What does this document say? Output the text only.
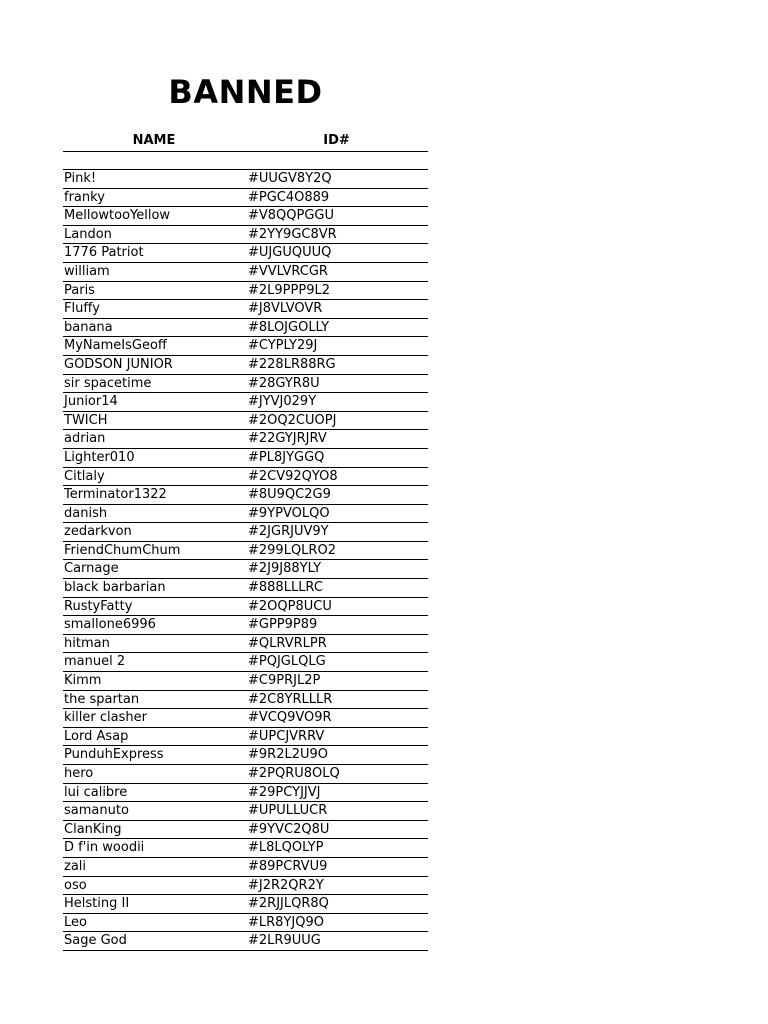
BANNED
NAME	ID#
Pink!	#UUGV8Y2Q
franky	#PGC4O889
MellowtooYellow	#V8QQPGGU
Landon	#2YY9GC8VR
1776 Patriot	#UJGUQUUQ
william	#VVLVRCGR
Paris	#2L9PPP9L2
Fluffy	#J8VLVOVR
banana	#8LOJGOLLY
MyNameIsGeoff	#CYPLY29J
GODSON JUNIOR	#228LR88RG
sir spacetime	#28GYR8U
Junior14	#JYVJ029Y
TWICH	#2OQ2CUOPJ
adrian	#22GYJRJRV
Lighter010	#PL8JYGGQ
Citlaly	#2CV92QYO8
Terminator1322	#8U9QC2G9
danish	#9YPVOLQO
zedarkvon	#2JGRJUV9Y
FriendChumChum	#299LQLRO2
Carnage	#2J9J88YLY
black barbarian	#888LLLRC
RustyFatty	#2OQP8UCU
smallone6996	#GPP9P89
hitman	#QLRVRLPR
manuel 2	#PQJGLQLG
Kimm	#C9PRJL2P
the spartan	#2C8YRLLLR
killer clasher	#VCQ9VO9R
Lord Asap	#UPCJVRRV
PunduhExpress	#9R2L2U9O
hero	#2PQRU8OLQ
lui calibre	#29PCYJJVJ
samanuto	#UPULLUCR
ClanKing	#9YVC2Q8U
D f'in woodii	#L8LQOLYP
zali	#89PCRVU9
oso	#J2R2QR2Y
Helsting II	#2RJJLQR8Q
Leo	#LR8YJQ9O
Sage God	#2LR9UUG
